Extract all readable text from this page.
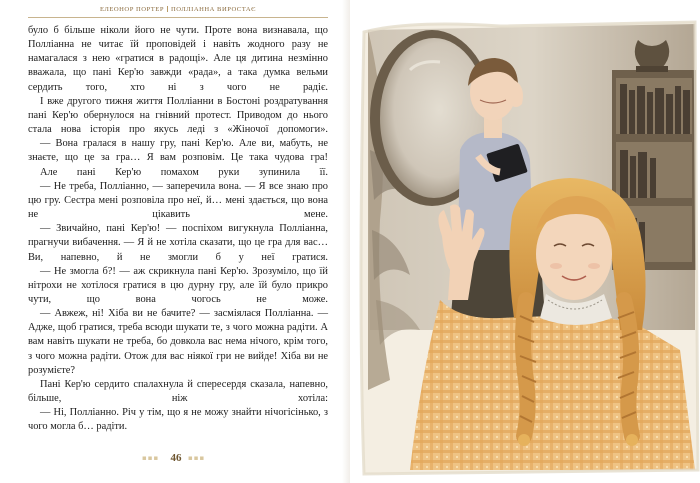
ЕЛЕОНОР ПОРТЕР ПОЛЛІАННА ВИРОСТАЄ

було б більше ніколи його не чути. Проте вона визнавала, що Полліанна не читає їй проповідей і навіть жодного разу не намагалася з нею «гратися в радощі». Але ця дитина незмінно вважала, що пані Кер'ю завжди «рада», а така думка вельми сердить того, хто ні з чого не радіє.

І вже другого тижня життя Полліанни в Бостоні роздратування пані Кер'ю обернулося на гнівний протест. Приводом до нього стала нова історія про якусь леді з «Жіночої допомоги».

— Вона гралася в нашу гру, пані Кер'ю. Але ви, мабуть, не знаєте, що це за гра… Я вам розповім. Це така чудова гра!

Але пані Кер'ю помахом руки зупинила її.

— Не треба, Полліанно, — заперечила вона. — Я все знаю про цю гру. Сестра мені розповіла про неї, й… мені здається, що вона не цікавить мене.

— Звичайно, пані Кер'ю! — поспіхом вигукнула Полліанна, прагнучи вибачення. — Я й не хотіла сказати, що це гра для вас… Ви, напевно, й не змогли б у неї гратися.

— Не змогла б?! — аж скрикнула пані Кер'ю. Зрозуміло, що їй нітрохи не хотілося гратися в цю дурну гру, але їй було прикро чути, що вона чогось не може.

— Авжеж, ні! Хіба ви не бачите? — засміялася Полліанна. — Адже, щоб гратися, треба всюди шукати те, з чого можна радіти. А вам навіть шукати не треба, бо довкола вас нема нічого, крім того, з чого можна радіти. Отож для вас ніякої гри не вийде! Хіба ви не розумієте?

Пані Кер'ю сердито спалахнула й спересердя сказала, напевно, більше, ніж хотіла:

— Ні, Полліанно. Річ у тім, що я не можу знайти нічогісінько, з чого могла б… радіти.

▪▪▪	46 ▪▪▪
